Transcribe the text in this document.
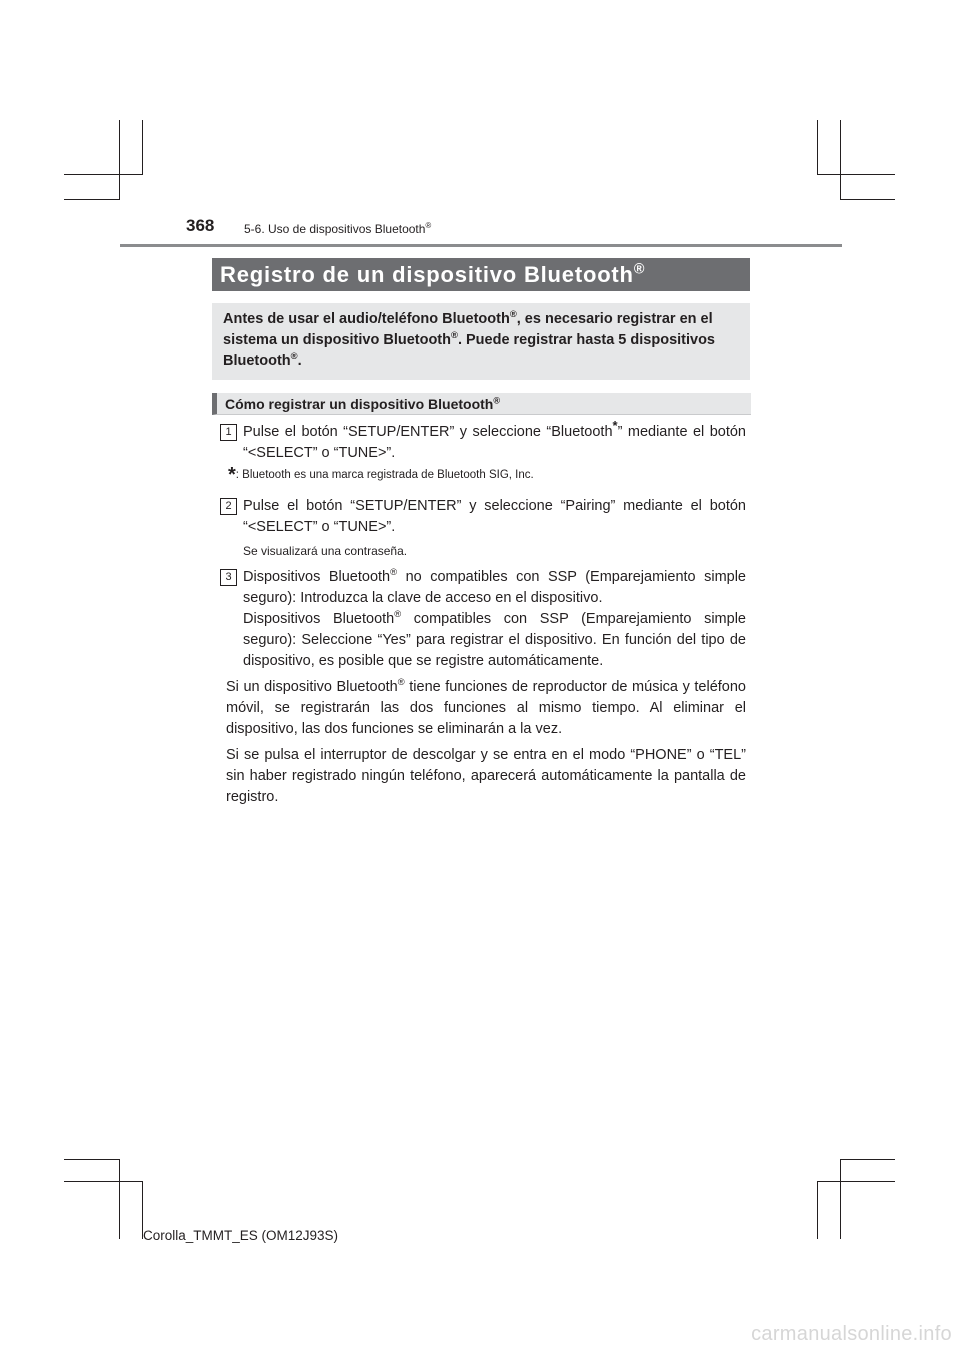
368 5-6. Uso de dispositivos Bluetooth®
Registro de un dispositivo Bluetooth®
Antes de usar el audio/teléfono Bluetooth®, es necesario registrar en el sistema un dispositivo Bluetooth®. Puede registrar hasta 5 dispositivos Bluetooth®.
Cómo registrar un dispositivo Bluetooth®
1 Pulse el botón “SETUP/ENTER” y seleccione “Bluetooth*” mediante el botón “<SELECT” o “TUNE>”.

*: Bluetooth es una marca registrada de Bluetooth SIG, Inc.
2 Pulse el botón “SETUP/ENTER” y seleccione “Pairing” mediante el botón “<SELECT” o “TUNE>”.

Se visualizará una contraseña.
3 Dispositivos Bluetooth® no compatibles con SSP (Emparejamiento simple seguro): Introduzca la clave de acceso en el dispositivo.

Dispositivos Bluetooth® compatibles con SSP (Emparejamiento simple seguro): Seleccione “Yes” para registrar el dispositivo. En función del tipo de dispositivo, es posible que se registre automáticamente.

Si un dispositivo Bluetooth® tiene funciones de reproductor de música y teléfono móvil, se registrarán las dos funciones al mismo tiempo. Al eliminar el dispositivo, las dos funciones se eliminarán a la vez.

Si se pulsa el interruptor de descolgar y se entra en el modo “PHONE” o “TEL” sin haber registrado ningún teléfono, aparecerá automáticamente la pantalla de registro.

Corolla_TMMT_ES (OM12J93S)
carmanualsonline.info
